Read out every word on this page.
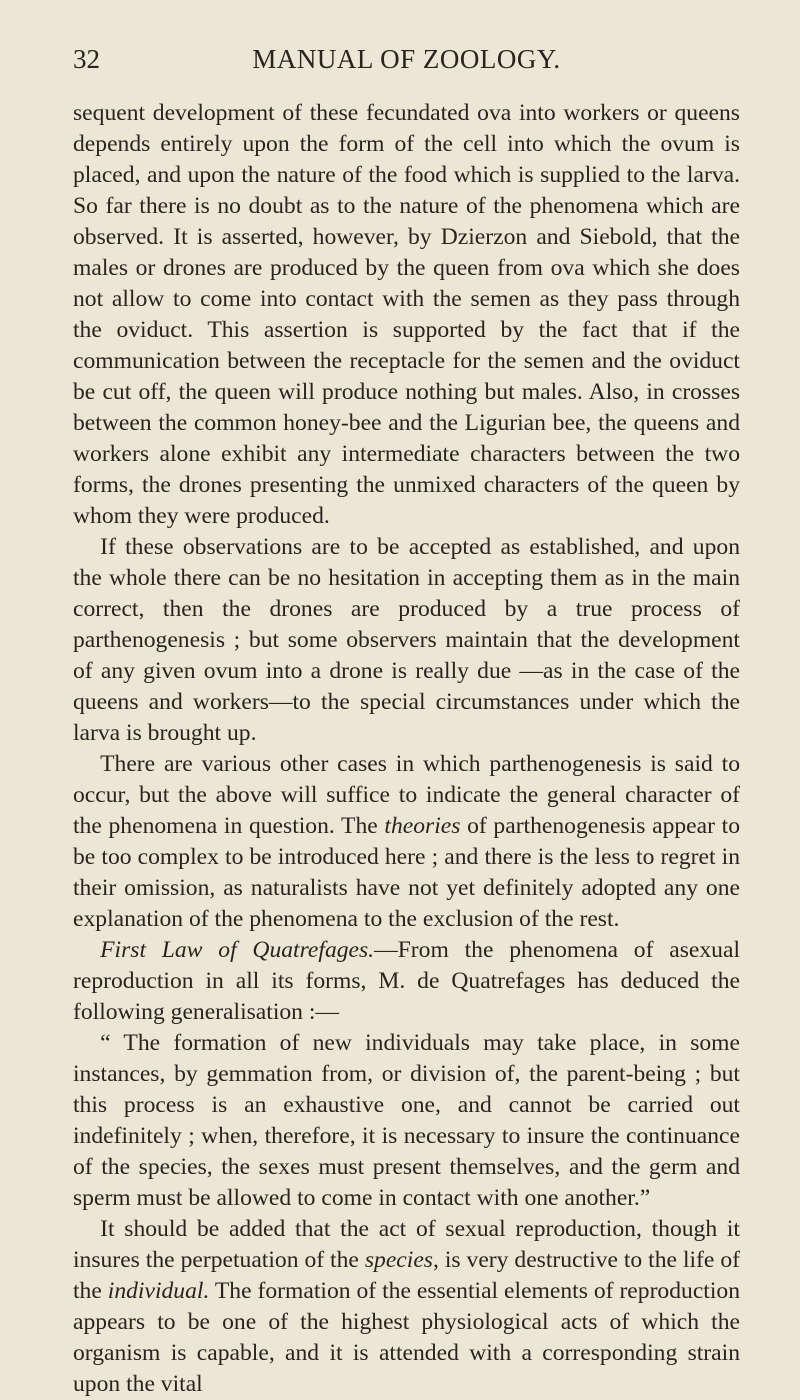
32	MANUAL OF ZOOLOGY.

sequent development of these fecundated ova into workers or queens depends entirely upon the form of the cell into which the ovum is placed, and upon the nature of the food which is supplied to the larva. So far there is no doubt as to the nature of the phenomena which are observed. It is asserted, however, by Dzierzon and Siebold, that the males or drones are produced by the queen from ova which she does not allow to come into contact with the semen as they pass through the oviduct. This assertion is supported by the fact that if the communication between the receptacle for the semen and the oviduct be cut off, the queen will produce nothing but males. Also, in crosses between the common honey-bee and the Ligurian bee, the queens and workers alone exhibit any intermediate characters between the two forms, the drones presenting the unmixed characters of the queen by whom they were produced.

If these observations are to be accepted as established, and upon the whole there can be no hesitation in accepting them as in the main correct, then the drones are produced by a true process of parthenogenesis ; but some observers maintain that the development of any given ovum into a drone is really due —as in the case of the queens and workers—to the special circumstances under which the larva is brought up.

There are various other cases in which parthenogenesis is said to occur, but the above will suffice to indicate the general character of the phenomena in question. The theories of parthenogenesis appear to be too complex to be introduced here ; and there is the less to regret in their omission, as naturalists have not yet definitely adopted any one explanation of the phenomena to the exclusion of the rest.

First Law of Quatrefages.—From the phenomena of asexual reproduction in all its forms, M. de Quatrefages has deduced the following generalisation :—

“ The formation of new individuals may take place, in some instances, by gemmation from, or division of, the parent-being ; but this process is an exhaustive one, and cannot be carried out indefinitely ; when, therefore, it is necessary to insure the continuance of the species, the sexes must present themselves, and the germ and sperm must be allowed to come in contact with one another.”

It should be added that the act of sexual reproduction, though it insures the perpetuation of the species, is very destructive to the life of the individual. The formation of the essential elements of reproduction appears to be one of the highest physiological acts of which the organism is capable, and it is attended with a corresponding strain upon the vital
